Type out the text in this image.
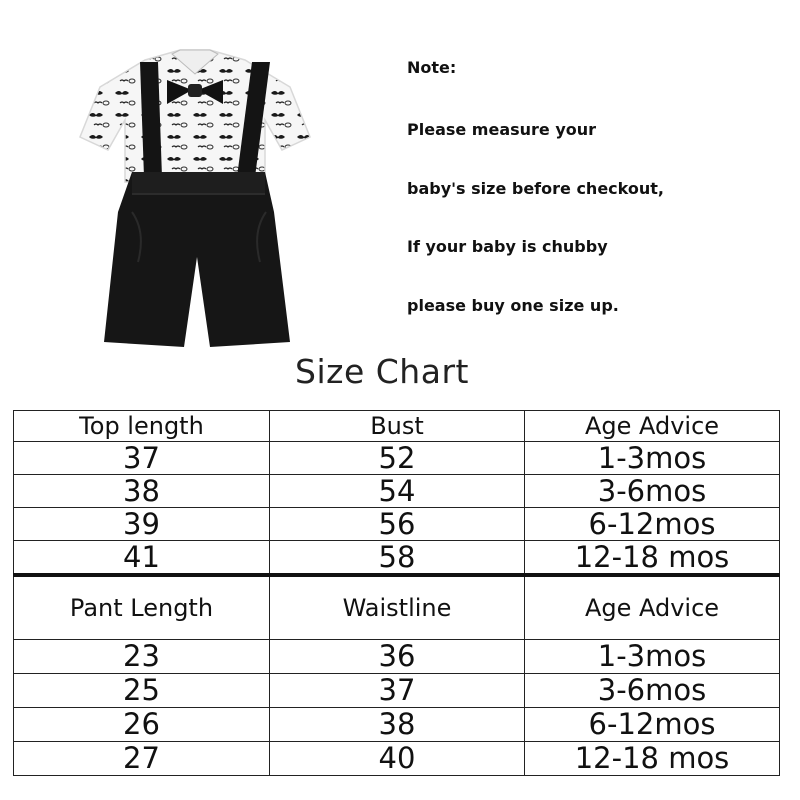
Note:
Please measure your
baby's size before checkout,
If your baby is chubby
please buy one size up.
Size Chart
Top length	Bust	Age Advice
37	52	1-3mos
38	54	3-6mos
39	56	6-12mos
41	58	12-18 mos
Pant Length	Waistline	Age Advice
23	36	1-3mos
25	37	3-6mos
26	38	6-12mos
27	40	12-18 mos
